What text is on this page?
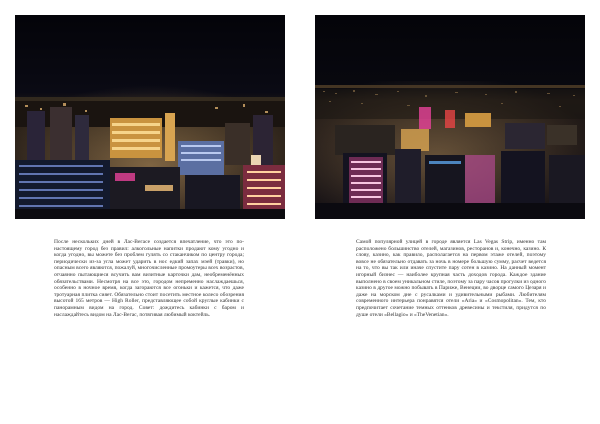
После нескольких дней в Лас-Вегасе создается впечатление, что это по-настоящему город без правил: алкогольные напитки продают кому угодно и когда угодно, вы можете без проблем гулять со стаканчиком по центру города; периодически из-за угла может ударить в нос едкий запах мэей (травки), но опасным всего являются, пожалуй, многочисленные промоутеры всех возрастов, отчаянно пытающиеся всучить вам визитные карточки дам, необременённых обязательствами. Несмотря на все это, городом непременно наслаждаешься, особенно в ночное время, когда загораются все огоньки и кажется, что даже тротуарная плитка сияет. Обязательно стоит посетить местное колесо обозрения высотой 165 метров — High Roller, представляющее собой круглые кабинки с панорамным видом на город. Совет: дождитесь кабинки с баром и наслаждайтесь видом на Лас-Вегас, потягивая любимый коктейль.
Самой популярной улицей в городе является Las Vegas Strip, именно там расположено большинство отелей, магазинов, ресторанов и, конечно, казино. К слову, казино, как правило, располагается на первом этаже отелей, поэтому вовсе не обязательно отдавать за ночь в номере большую сумму, расчет ведется на то, что вы так или иначе спустите пару сотен в казино. На данный момент игорный бизнес — наиболее крупная часть доходов города. Каждое здание выполнено в своем уникальном стиле, поэтому за пару часов прогулки из одного казино в другое можно побывать в Париже, Венеции, во дворце самого Цезаря и даже на морском дне с русалками и удивительными рыбами. Любителям современного интерьера понравятся отели «Aria» и «Cosmopolitan». Тем, кто предпочитает сочетание темных оттенков древесины и текстиля, придутся по душе отели «Bellagio» и «TheVenetian».
